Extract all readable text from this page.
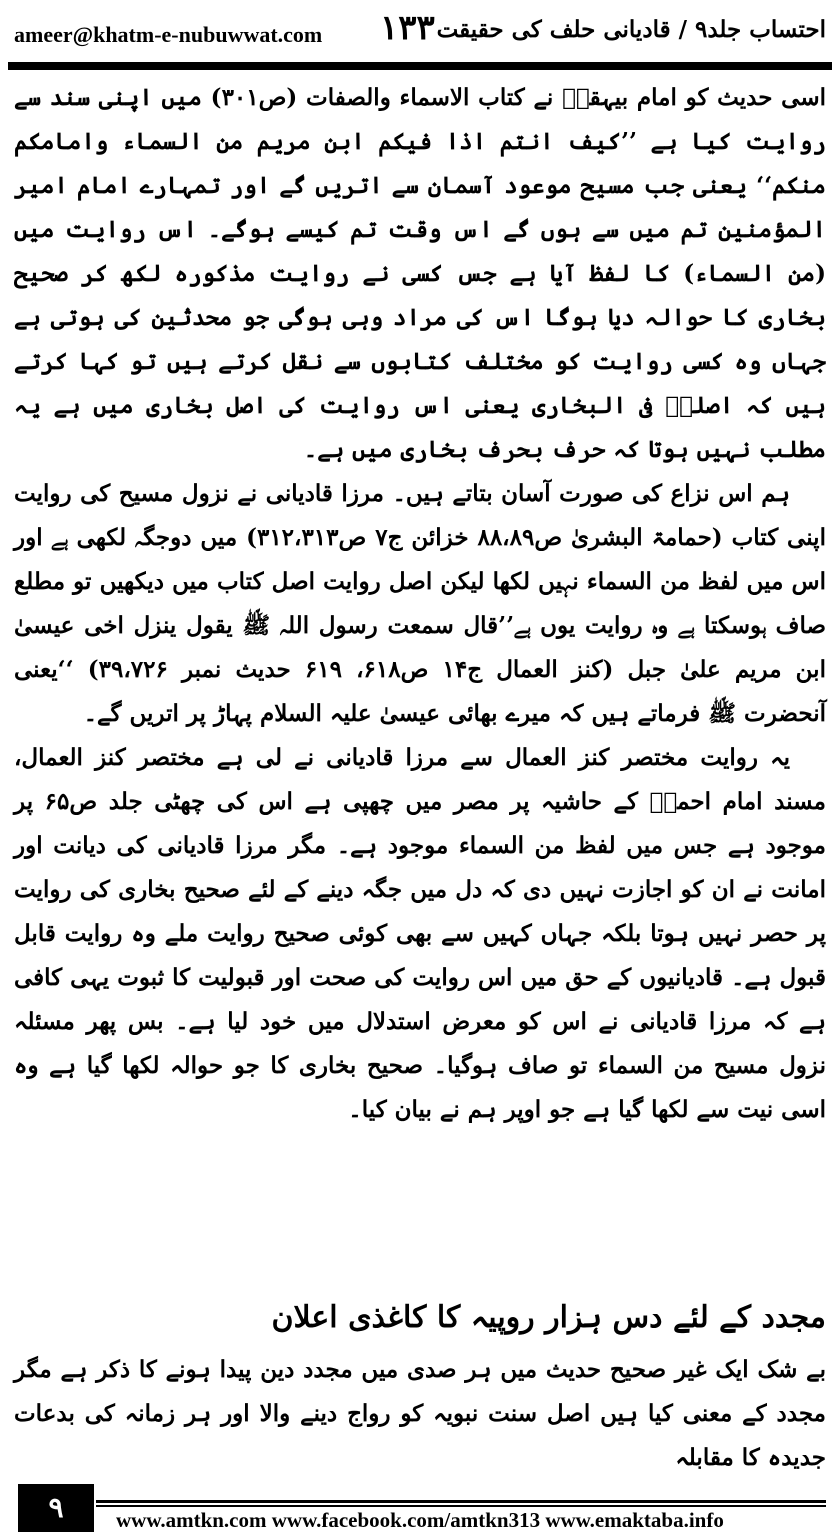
ameer@khatm-e-nubuwwat.com ۱۳۳ احتساب جلد۹ / قادیانی حلف کی حقیقت

اسی حدیث کو امام بیہقیؒ نے کتاب الاسماء والصفات (ص۳۰۱) میں اپنی سند سے روایت کیا ہے ’’کیف انتم اذا فیکم ابن مریم من السماء وامامکم منکم‘‘ یعنی جب مسیح موعود آسمان سے اتریں گے اور تمہارے امام امیر المؤمنین تم میں سے ہوں گے اس وقت تم کیسے ہوگے۔ اس روایت میں (من السماء) کا لفظ آیا ہے جس کسی نے روایت مذکورہ لکھ کر صحیح بخاری کا حوالہ دیا ہوگا اس کی مراد وہی ہوگی جو محدثین کی ہوتی ہے جہاں وہ کسی روایت کو مختلف کتابوں سے نقل کرتے ہیں تو کہا کرتے ہیں کہ اصلہٗ فی البخاری یعنی اس روایت کی اصل بخاری میں ہے یہ مطلب نہیں ہوتا کہ حرف بحرف بخاری میں ہے۔

ہم اس نزاع کی صورت آسان بتاتے ہیں۔ مرزا قادیانی نے نزول مسیح کی روایت اپنی کتاب (حمامۃ البشریٰ ص۸۸،۸۹ خزائن ج۷ ص۳۱۲،۳۱۳) میں دوجگہ لکھی ہے اور اس میں لفظ من السماء نہیں لکھا لیکن اصل روایت اصل کتاب میں دیکھیں تو مطلع صاف ہوسکتا ہے وہ روایت یوں ہے’’قال سمعت رسول اللہ ﷺ یقول ینزل اخی عیسیٰ ابن مریم علیٰ جبل (کنز العمال ج۱۴ ص۶۱۸، ۶۱۹ حدیث نمبر ۳۹،۷۲۶) ‘‘یعنی آنحضرت ﷺ فرماتے ہیں کہ میرے بھائی عیسیٰ علیہ السلام پہاڑ پر اتریں گے۔

یہ روایت مختصر کنز العمال سے مرزا قادیانی نے لی ہے مختصر کنز العمال، مسند امام احمدؒ کے حاشیہ پر مصر میں چھپی ہے اس کی چھٹی جلد ص۶۵ پر موجود ہے جس میں لفظ من السماء موجود ہے۔ مگر مرزا قادیانی کی دیانت اور امانت نے ان کو اجازت نہیں دی کہ دل میں جگہ دینے کے لئے صحیح بخاری کی روایت پر حصر نہیں ہوتا بلکہ جہاں کہیں سے بھی کوئی صحیح روایت ملے وہ روایت قابل قبول ہے۔ قادیانیوں کے حق میں اس روایت کی صحت اور قبولیت کا ثبوت یہی کافی ہے کہ مرزا قادیانی نے اس کو معرض استدلال میں خود لیا ہے۔ بس پھر مسئلہ نزول مسیح من السماء تو صاف ہوگیا۔ صحیح بخاری کا جو حوالہ لکھا گیا ہے وہ اسی نیت سے لکھا گیا ہے جو اوپر ہم نے بیان کیا۔

مجدد کے لئے دس ہزار روپیہ کا کاغذی اعلان

بے شک ایک غیر صحیح حدیث میں ہر صدی میں مجدد دین پیدا ہونے کا ذکر ہے مگر مجدد کے معنی کیا ہیں اصل سنت نبویہ کو رواج دینے والا اور ہر زمانہ کی بدعات جدیدہ کا مقابلہ

۹	www.amtkn.com www.facebook.com/amtkn313 www.emaktaba.info
